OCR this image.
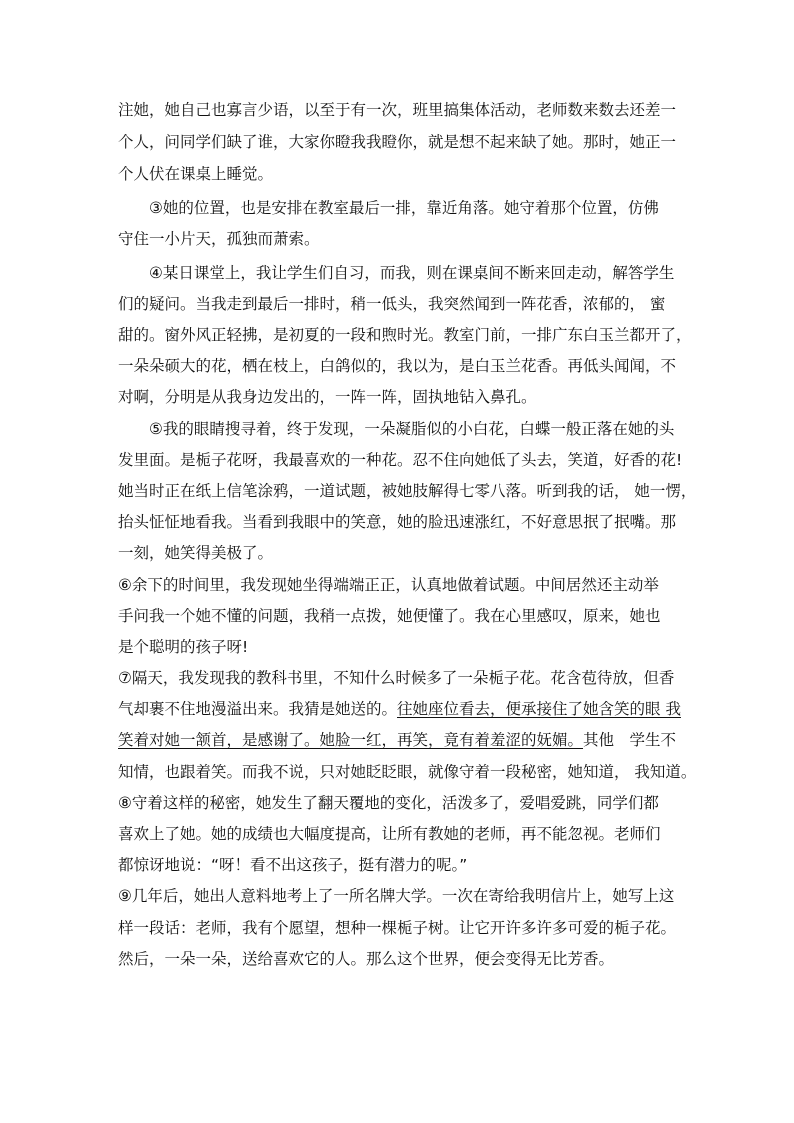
注她，她自己也寡言少语，以至于有一次，班里搞集体活动，老师数来数去还差一
个人，问同学们缺了谁，大家你瞪我我瞪你，就是想不起来缺了她。那时，她正一
个人伏在课桌上睡觉。
　　③她的位置，也是安排在教室最后一排，靠近角落。她守着那个位置，仿佛
守住一小片天，孤独而萧索。
　　④某日课堂上，我让学生们自习，而我，则在课桌间不断来回走动，解答学生
们的疑问。当我走到最后一排时，稍一低头，我突然闻到一阵花香，浓郁的， 蜜
甜的。窗外风正轻拂，是初夏的一段和煦时光。教室门前，一排广东白玉兰都开了，
一朵朵硕大的花，栖在枝上，白鸽似的，我以为，是白玉兰花香。再低头闻闻，不
对啊，分明是从我身边发出的，一阵一阵，固执地钻入鼻孔。
　　⑤我的眼睛搜寻着，终于发现，一朵凝脂似的小白花，白蝶一般正落在她的头
发里面。是栀子花呀，我最喜欢的一种花。忍不住向她低了头去，笑道，好香的花!
她当时正在纸上信笔涂鸦，一道试题，被她肢解得七零八落。听到我的话， 她一愣，
抬头怔怔地看我。当看到我眼中的笑意，她的脸迅速涨红，不好意思抿了抿嘴。那
一刻，她笑得美极了。
⑥余下的时间里，我发现她坐得端端正正，认真地做着试题。中间居然还主动举
手问我一个她不懂的问题，我稍一点拨，她便懂了。我在心里感叹，原来，她也
是个聪明的孩子呀!
⑦隔天，我发现我的教科书里，不知什么时候多了一朵栀子花。花含苞待放，但香
气却裹不住地漫溢出来。我猜是她送的。往她座位看去，便承接住了她含笑的眼 我
笑着对她一颔首，是感谢了。她脸一红，再笑，竟有着羞涩的妩媚。其他　学生不
知情，也跟着笑。而我不说，只对她眨眨眼，就像守着一段秘密，她知道， 我知道。
⑧守着这样的秘密，她发生了翻天覆地的变化，活泼多了，爱唱爱跳，同学们都
喜欢上了她。她的成绩也大幅度提高，让所有教她的老师，再不能忽视。老师们
都惊讶地说：“呀！看不出这孩子，挺有潜力的呢。”
⑨几年后，她出人意料地考上了一所名牌大学。一次在寄给我明信片上，她写上这
样一段话：老师，我有个愿望，想种一棵栀子树。让它开许多许多可爱的栀子花。
然后，一朵一朵，送给喜欢它的人。那么这个世界，便会变得无比芳香。
